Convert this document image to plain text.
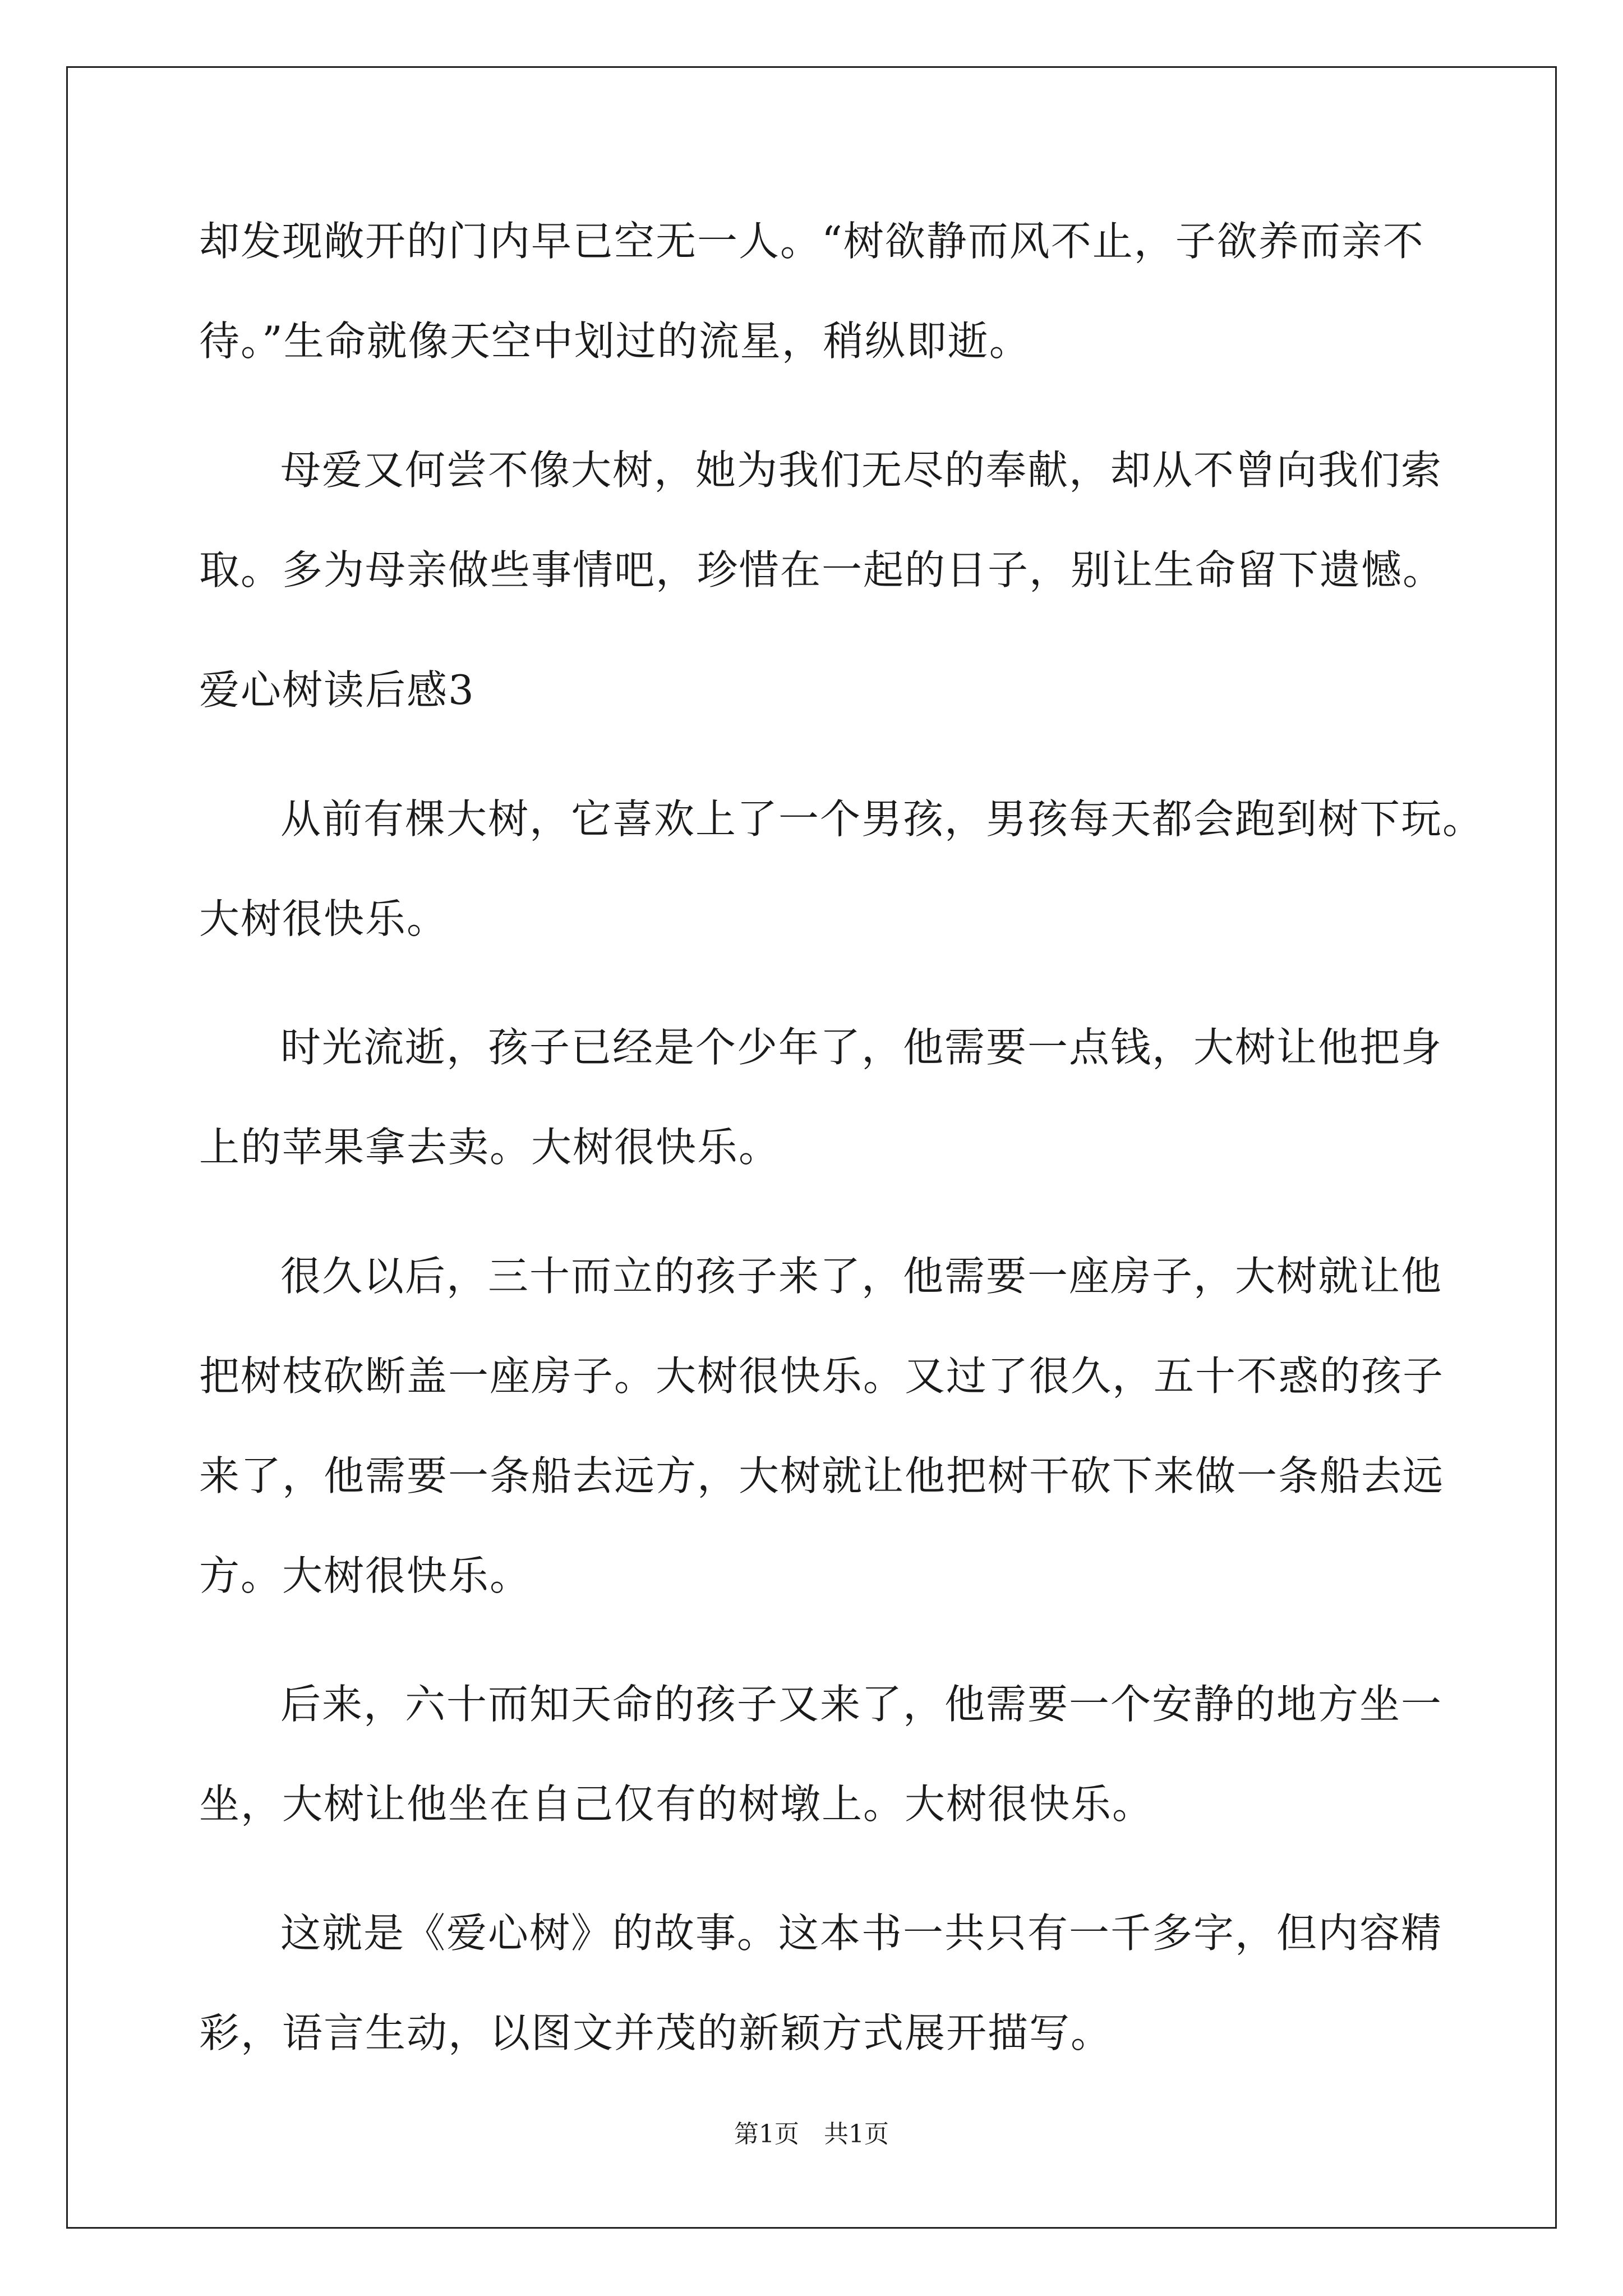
却发现敞开的门内早已空无一人。“树欲静而风不止，子欲养而亲不
待。”生命就像天空中划过的流星，稍纵即逝。
母爱又何尝不像大树，她为我们无尽的奉献，却从不曾向我们索
取。多为母亲做些事情吧，珍惜在一起的日子，别让生命留下遗憾。
爱心树读后感3
从前有棵大树，它喜欢上了一个男孩，男孩每天都会跑到树下玩。
大树很快乐。
时光流逝，孩子已经是个少年了，他需要一点钱，大树让他把身
上的苹果拿去卖。大树很快乐。
很久以后，三十而立的孩子来了，他需要一座房子，大树就让他
把树枝砍断盖一座房子。大树很快乐。又过了很久，五十不惑的孩子
来了，他需要一条船去远方，大树就让他把树干砍下来做一条船去远
方。大树很快乐。
后来，六十而知天命的孩子又来了，他需要一个安静的地方坐一
坐，大树让他坐在自己仅有的树墩上。大树很快乐。
这就是《爱心树》的故事。这本书一共只有一千多字，但内容精
彩，语言生动，以图文并茂的新颖方式展开描写。
第1页　共1页
